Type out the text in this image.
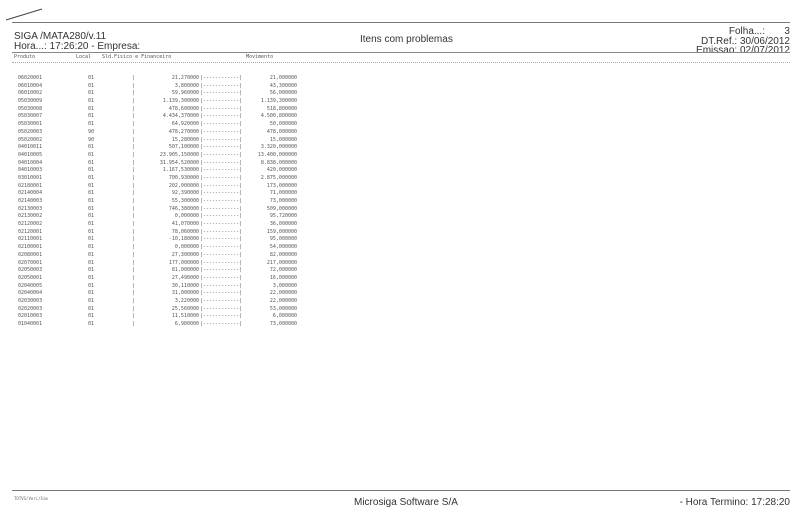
SIGA /MATA280/v.11
Hora...: 17:26:20 - Empresa:
Itens com problemas
Folha...:       3
DT.Ref.: 30/06/2012
Emissao: 02/07/2012
Produto	Local Sld.Fisico e Financeiro	Movimento
06020001	01	|	21,270000 |------------|	21,000000
06010004	01	|	3,800000 |------------|	43,300000
06010002	01	|	59,960000 |------------|	56,000000
05030009	01	|	1.139,300000 |------------|	1.139,300000
05030008	01	|	478,600000 |------------|	518,800000
05030007	01	|	4.434,370000 |------------|	4.500,800000
05030001	01	|	64,920000 |------------|	50,000000
05020003	90	|	478,270000 |------------|	478,000000
05020002	90	|	15,280000 |------------|	15,000000
04010011	01	|	507,100000 |------------|	3.320,000000
04010005	01	|	23.905,150000 |------------|	13.400,000000
04010004	01	|	31.954,520000 |------------|	8.838,000000
04010003	01	|	1.167,530000 |------------|	420,000000
03010001	01	|	700,930000 |------------|	2.875,000000
02180001	01	|	202,000000 |------------|	173,000000
02140004	01	|	92,390000 |------------|	71,000000
02140003	01	|	55,300000 |------------|	73,000000
02130003	01	|	746,380000 |------------|	509,000000
02130002	01	|	0,000000 |------------|	95,720000
02120002	01	|	41,070000 |------------|	36,000000
02120001	01	|	78,060000 |------------|	159,000000
02110001	01	|	-10,180000 |------------|	95,000000
02100001	01	|	0,000000 |------------|	54,000000
02080001	01	|	27,300000 |------------|	82,000000
02070001	01	|	177,000000 |------------|	217,000000
02050003	01	|	81,000000 |------------|	72,000000
02050001	01	|	27,490000 |------------|	16,000000
02040005	01	|	30,110000 |------------|	3,000000
02040004	01	|	31,000000 |------------|	22,000000
02030003	01	|	3,220000 |------------|	22,000000
02020003	01	|	25,560000 |------------|	53,000000
02010003	01	|	11,510000 |------------|	6,000000
01040001	01	|	6,900000 |------------|	73,000000
TOTVS/Veri/Sim	Microsiga Software S/A	- Hora Termino: 17:28:20
